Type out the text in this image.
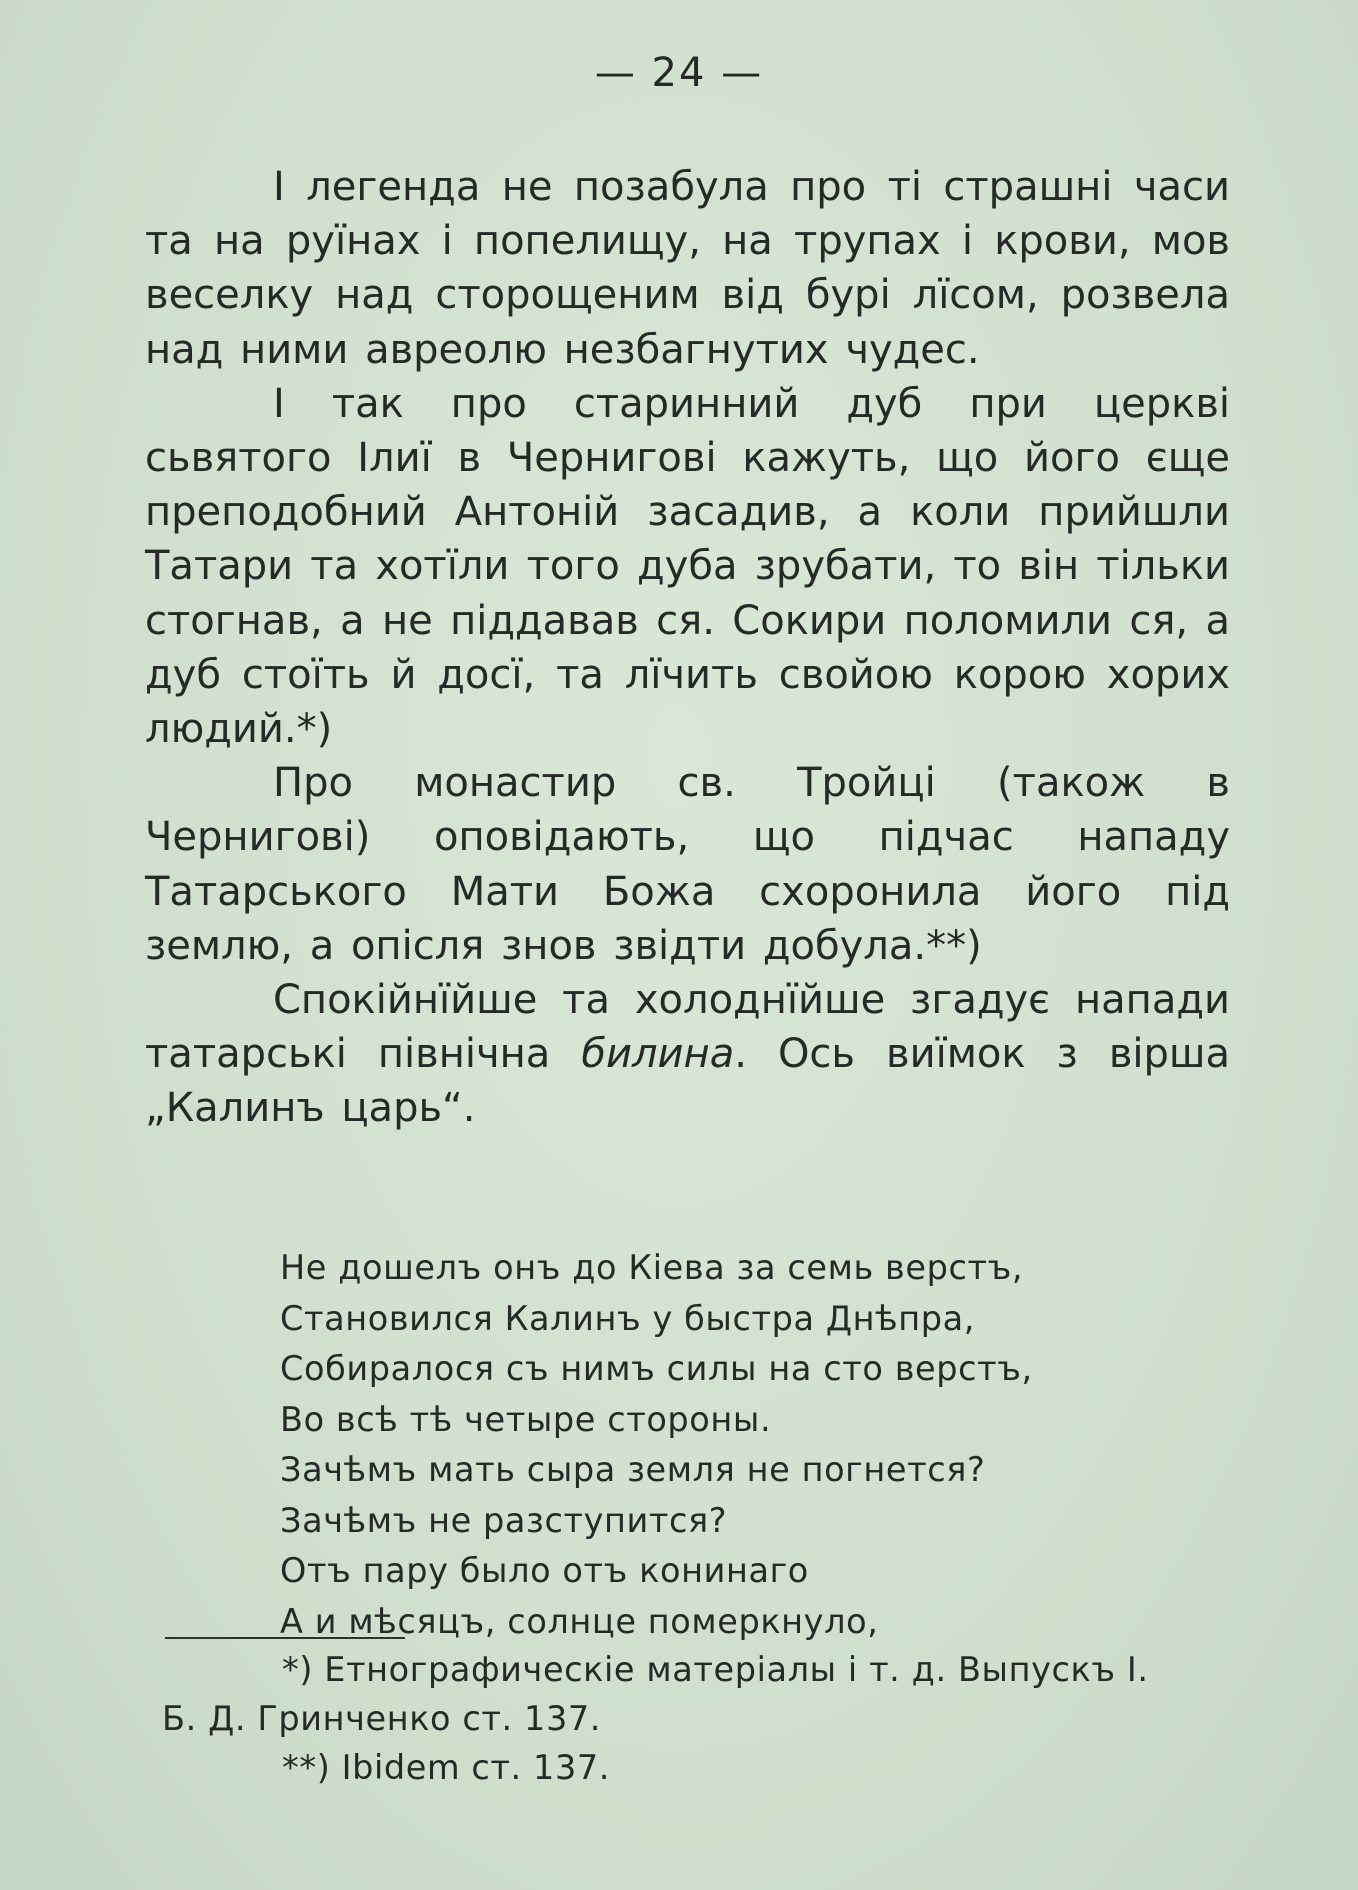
— 24 —

І легенда не позабула про ті страшні часи та на руїнах і попелищу, на трупах і крови, мов веселку над сторощеним від бурі лїсом, розвела над ними авреолю незбагнутих чудес.

І так про старинний дуб при церкві сьвятого Ілиї в Чернигові кажуть, що його єще преподобний Антоній засадив, а коли прийшли Татари та хотїли того дуба зрубати, то він тільки стогнав, а не піддавав ся. Сокири поломили ся, а дуб стоїть й досї, та лїчить свойою корою хорих людий.*)

Про монастир св. Тройці (також в Чернигові) оповідають, що підчас нападу Татарського Мати Божа схоронила його під землю, а опісля знов звідти добула.**)

Спокійнїйше та холоднїйше згадує напади татарські північна билина. Ось виїмок з вірша „Калинъ царь“.

Не дошелъ онъ до Кіева за семь верстъ,
Становился Калинъ у быстра Днѣпра,
Собиралося съ нимъ силы на сто верстъ,
Во всѣ тѣ четыре стороны.
Зачѣмъ мать сыра земля не погнется?
Зачѣмъ не разступится?
Отъ пару было отъ конинаго
А и мѣсяцъ, солнце померкнуло,
*) Етнографическіе матеріалы і т. д. Выпускъ I.
Б. Д. Гринченко ст. 137.
**) Ibidem ст. 137.
